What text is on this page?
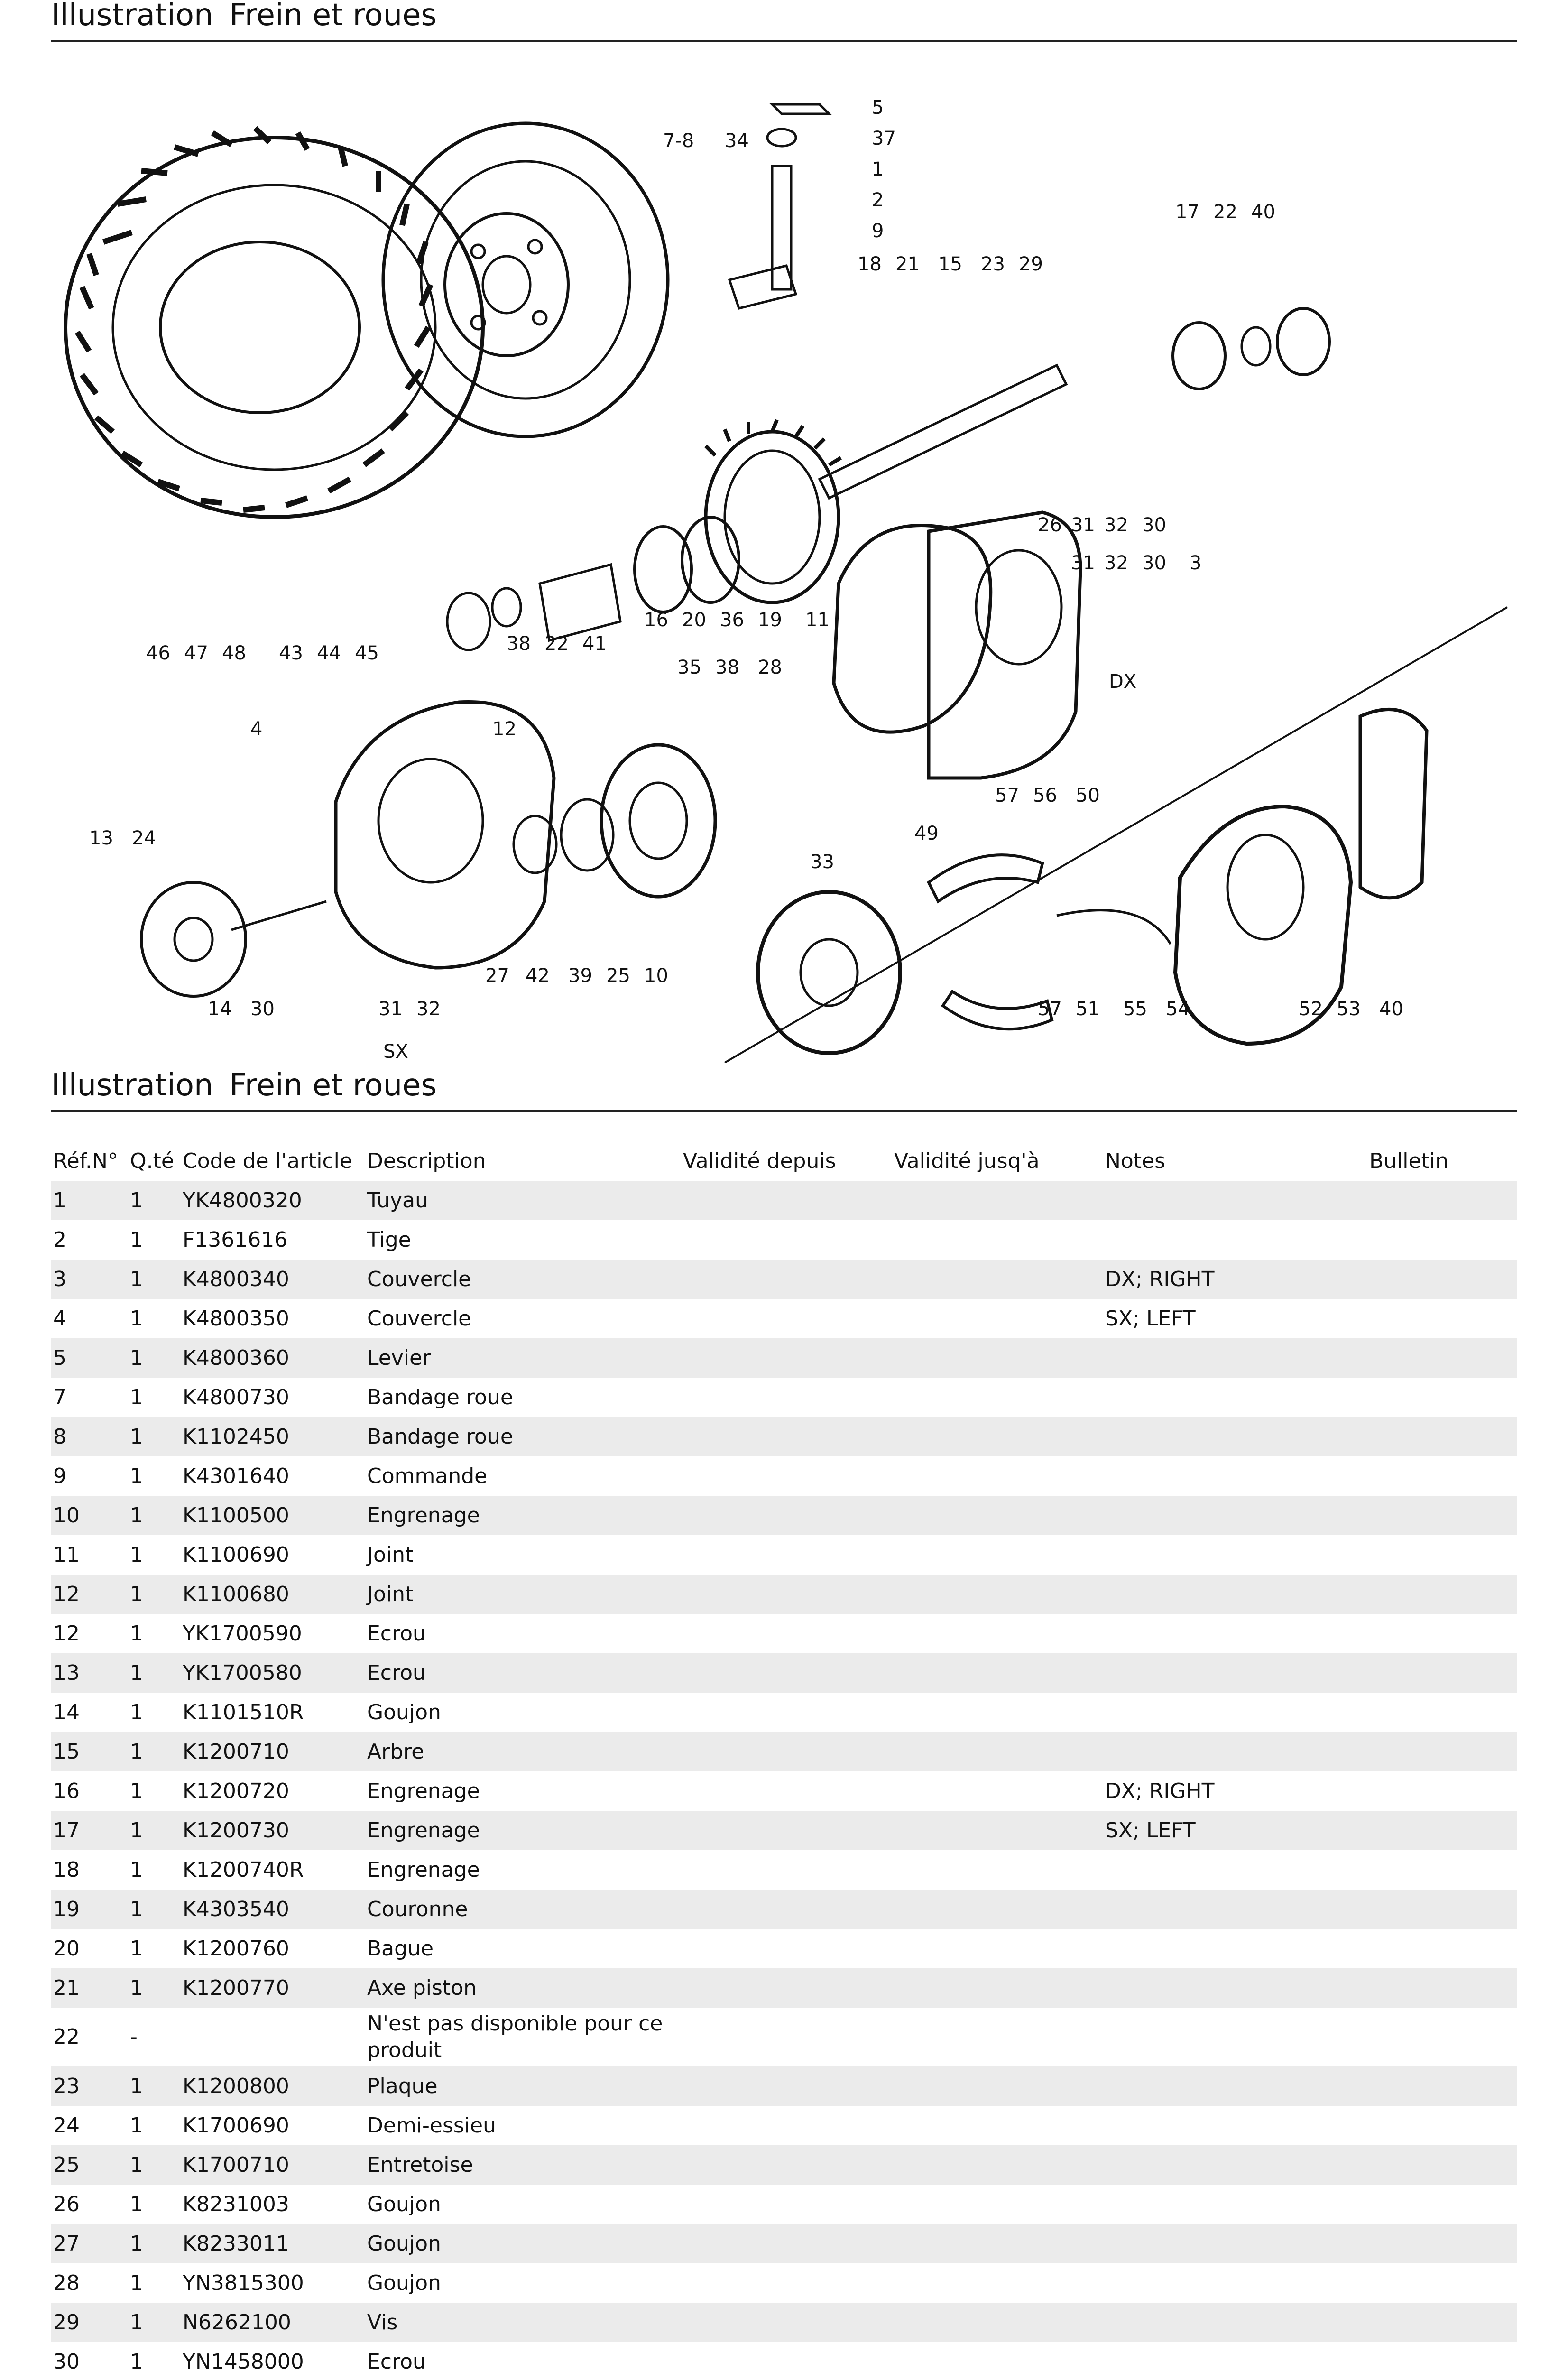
Illustration Frein et roues
7-8 34
5
37
1
2
9
18 21	23 29
15
17 22 40
26 31 32 30
3
31 32 30
11
19
36
20
16
41
22
38
46 47 48 43 44 45
35 38 28
12
4
13 24
14 30	31 32
27 42 39 25 10
33
49
57 56 50
57 51 55 54	52 53 40
DX
SX
Illustration Frein et roues
Réf.N°	Q.té	Code de l'article	Description	Validité depuis	Validité jusq'à	Notes	Bulletin
1	1	YK4800320	Tuyau				
2	1	F1361616	Tige				
3	1	K4800340	Couvercle			DX; RIGHT	
4	1	K4800350	Couvercle			SX; LEFT	
5	1	K4800360	Levier				
7	1	K4800730	Bandage roue				
8	1	K1102450	Bandage roue				
9	1	K4301640	Commande				
10	1	K1100500	Engrenage				
11	1	K1100690	Joint				
12	1	K1100680	Joint				
12	1	YK1700590	Ecrou				
13	1	YK1700580	Ecrou				
14	1	K1101510R	Goujon				
15	1	K1200710	Arbre				
16	1	K1200720	Engrenage			DX; RIGHT	
17	1	K1200730	Engrenage			SX; LEFT	
18	1	K1200740R	Engrenage				
19	1	K4303540	Couronne				
20	1	K1200760	Bague				
21	1	K1200770	Axe piston				
22	-		N'est pas disponible pour ce produit				
23	1	K1200800	Plaque				
24	1	K1700690	Demi-essieu				
25	1	K1700710	Entretoise				
26	1	K8231003	Goujon				
27	1	K8233011	Goujon				
28	1	YN3815300	Goujon				
29	1	N6262100	Vis				
30	1	YN1458000	Ecrou				
